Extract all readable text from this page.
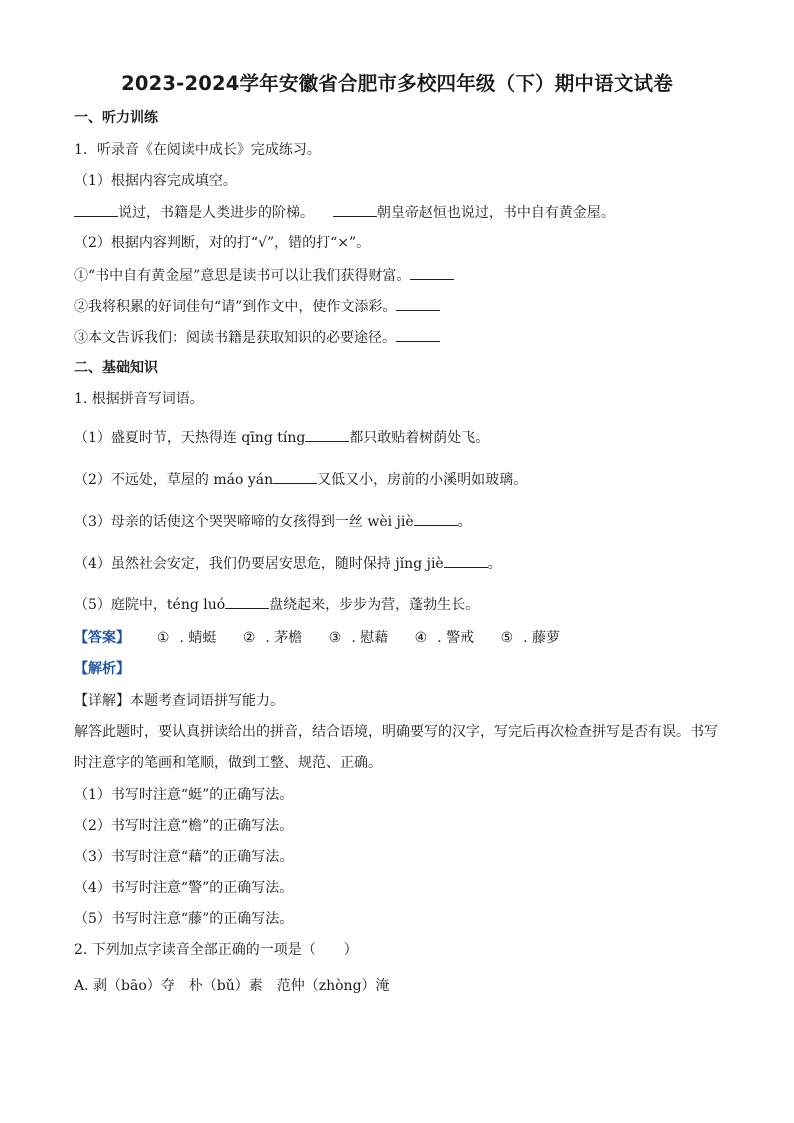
2023-2024学年安徽省合肥市多校四年级（下）期中语文试卷
一、听力训练
1．听录音《在阅读中成长》完成练习。
（1）根据内容完成填空。
说过，书籍是人类进步的阶梯。	朝皇帝赵恒也说过，书中自有黄金屋。
（2）根据内容判断，对的打“√”，错的打“×”。
①“书中自有黄金屋”意思是读书可以让我们获得财富。
②我将积累的好词佳句“请”到作文中，使作文添彩。
③本文告诉我们：阅读书籍是获取知识的必要途径。
二、基础知识
1. 根据拼音写词语。
（1）盛夏时节，天热得连 qīng tíng	都只敢贴着树荫处飞。
（2）不远处，草屋的 máo yán	又低又小，房前的小溪明如玻璃。
（3）母亲的话使这个哭哭啼啼的女孩得到一丝 wèi jiè	。
（4）虽然社会安定，我们仍要居安思危，随时保持 jǐng jiè	。
（5）庭院中，téng luó	盘绕起来，步步为营，蓬勃生长。
【答案】 ① . 蜻蜓 ② . 茅檐 ③ . 慰藉 ④ . 警戒 ⑤ . 藤萝
【解析】
【详解】本题考查词语拼写能力。
解答此题时，要认真拼读给出的拼音，结合语境，明确要写的汉字，写完后再次检查拼写是否有误。书写
时注意字的笔画和笔顺，做到工整、规范、正确。
（1）书写时注意“蜓”的正确写法。
（2）书写时注意“檐”的正确写法。
（3）书写时注意“藉”的正确写法。
（4）书写时注意“警”的正确写法。
（5）书写时注意“藤”的正确写法。
2. 下列加点字读音全部正确的一项是（　　）
A. 剥（bāo）夺　朴（bǔ）素　范仲（zhòng）淹
